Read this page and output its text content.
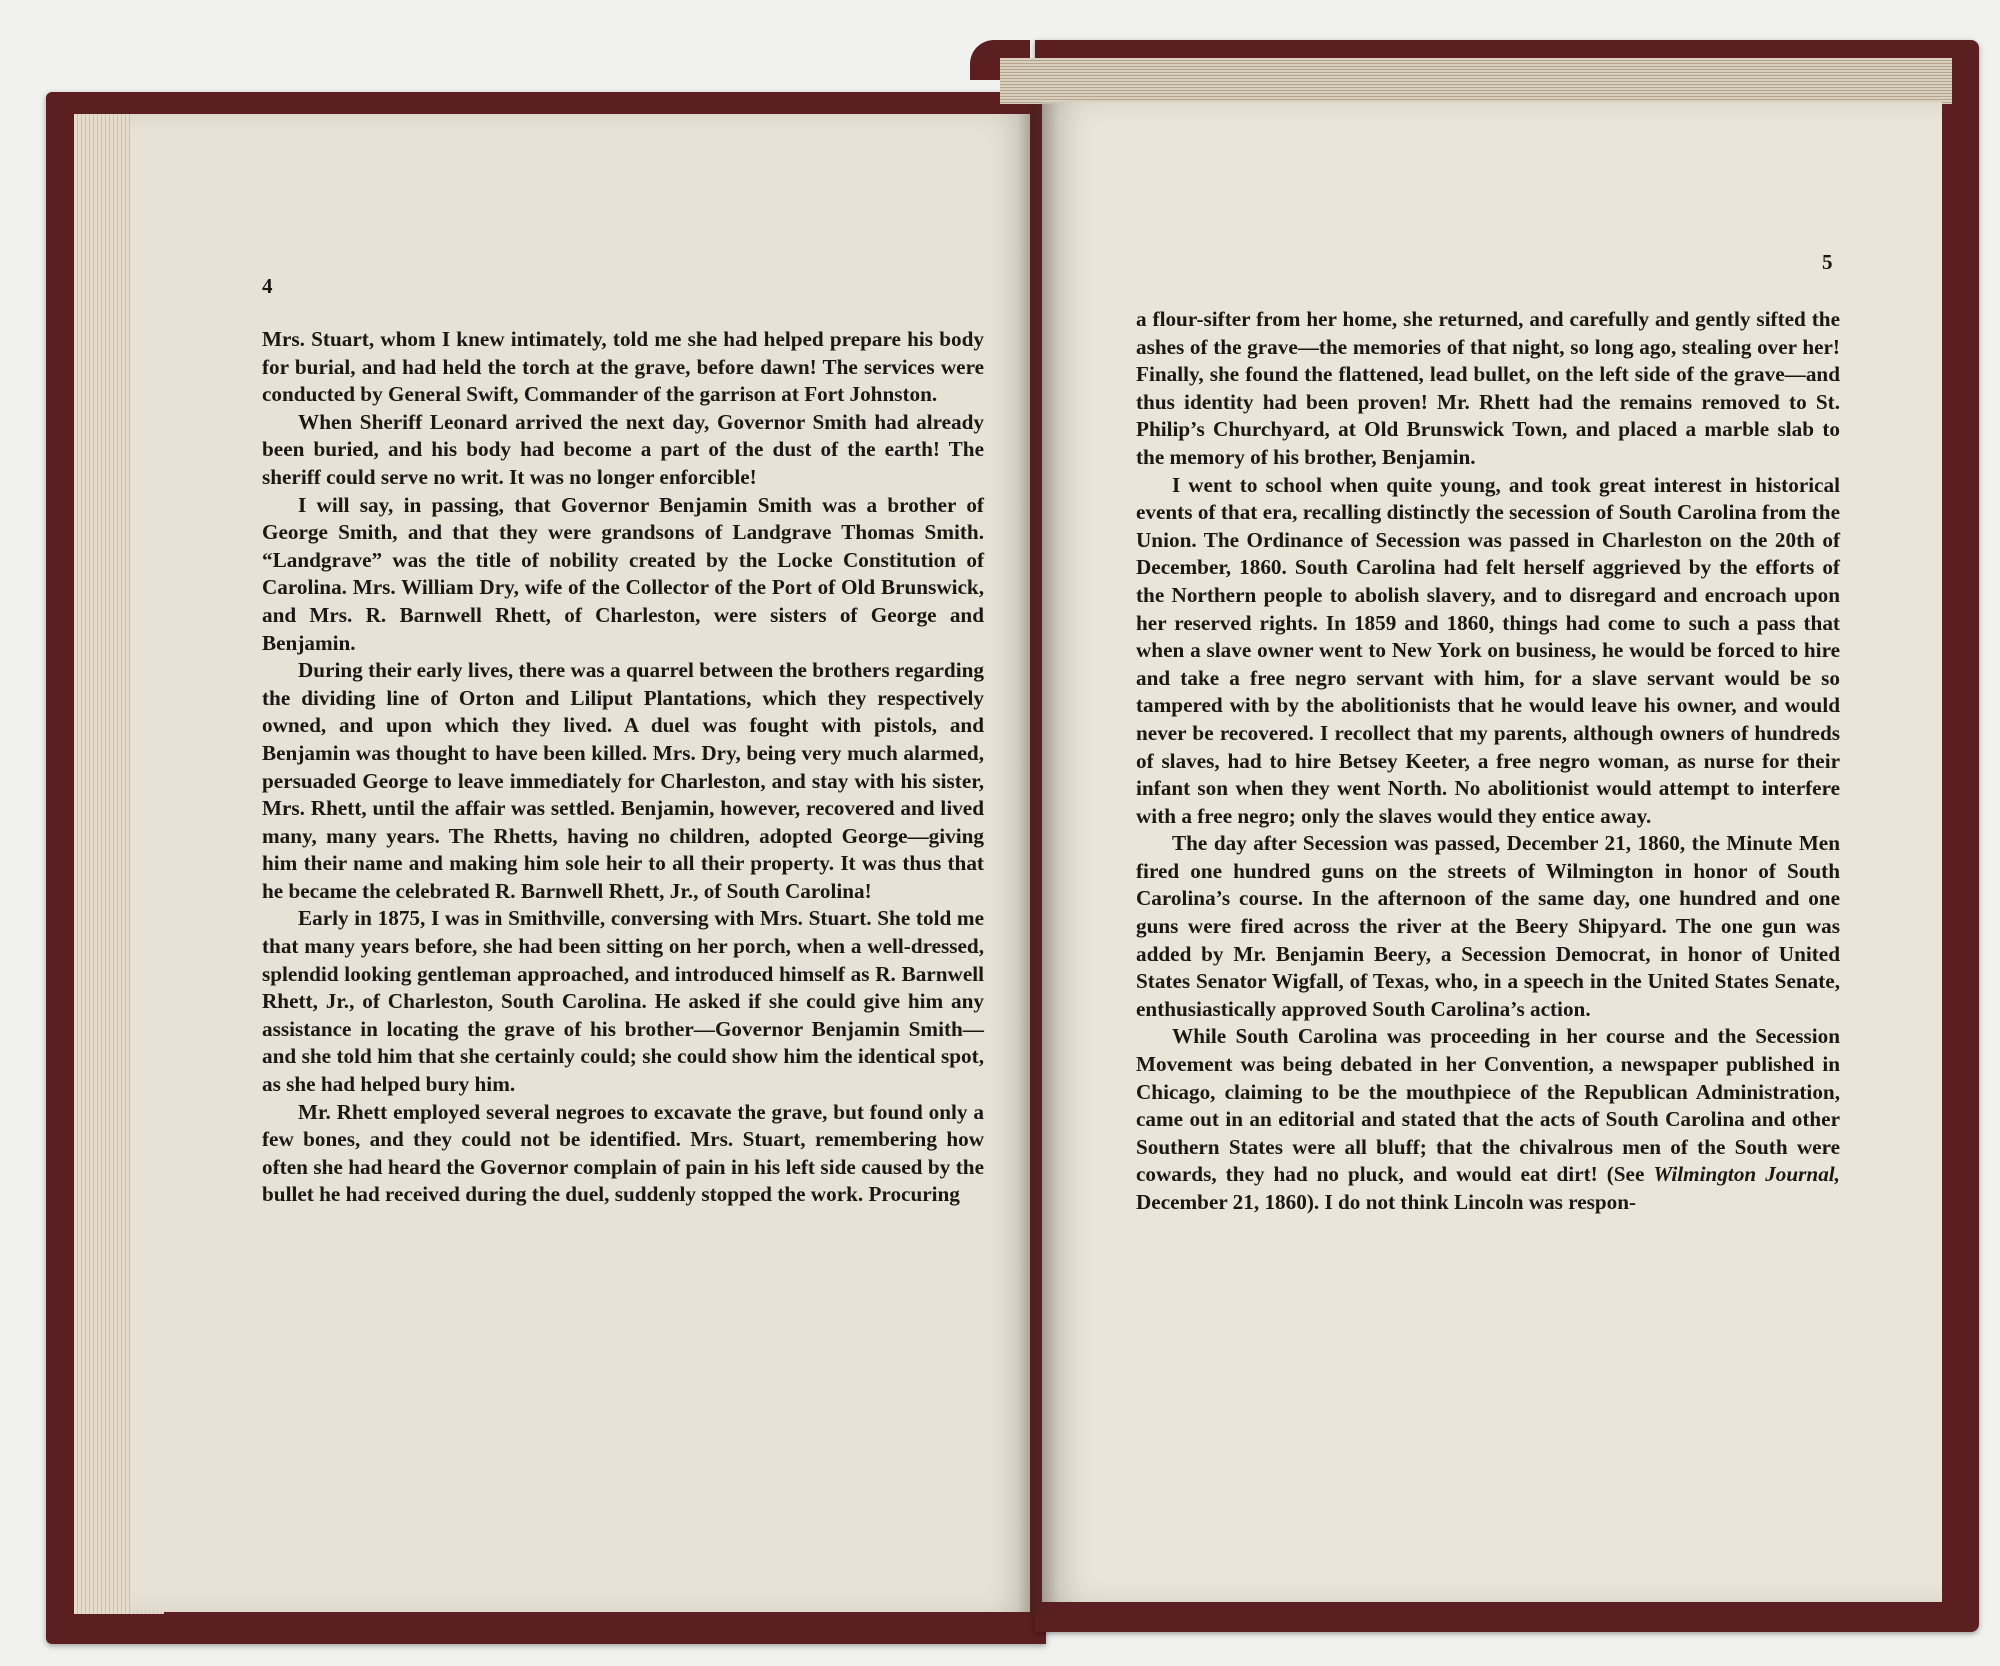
4
5

Mrs. Stuart, whom I knew intimately, told me she had helped prepare his body for burial, and had held the torch at the grave, before dawn! The services were conducted by General Swift, Commander of the garrison at Fort Johnston.

When Sheriff Leonard arrived the next day, Governor Smith had already been buried, and his body had become a part of the dust of the earth! The sheriff could serve no writ. It was no longer enforcible!

I will say, in passing, that Governor Benjamin Smith was a brother of George Smith, and that they were grandsons of Landgrave Thomas Smith. “Landgrave” was the title of nobility created by the Locke Constitution of Carolina. Mrs. William Dry, wife of the Collector of the Port of Old Brunswick, and Mrs. R. Barnwell Rhett, of Charleston, were sisters of George and Benjamin.

During their early lives, there was a quarrel between the brothers regarding the dividing line of Orton and Liliput Plantations, which they respectively owned, and upon which they lived. A duel was fought with pistols, and Benjamin was thought to have been killed. Mrs. Dry, being very much alarmed, persuaded George to leave immediately for Charleston, and stay with his sister, Mrs. Rhett, until the affair was settled. Benjamin, however, recovered and lived many, many years. The Rhetts, having no children, adopted George—giving him their name and making him sole heir to all their property. It was thus that he became the celebrated R. Barnwell Rhett, Jr., of South Carolina!

Early in 1875, I was in Smithville, conversing with Mrs. Stuart. She told me that many years before, she had been sitting on her porch, when a well-dressed, splendid looking gentleman approached, and introduced himself as R. Barnwell Rhett, Jr., of Charleston, South Carolina. He asked if she could give him any assistance in locating the grave of his brother—Governor Benjamin Smith—and she told him that she certainly could; she could show him the identical spot, as she had helped bury him.

Mr. Rhett employed several negroes to excavate the grave, but found only a few bones, and they could not be identified. Mrs. Stuart, remembering how often she had heard the Governor complain of pain in his left side caused by the bullet he had received during the duel, suddenly stopped the work. Procuring

a flour-sifter from her home, she returned, and carefully and gently sifted the ashes of the grave—the memories of that night, so long ago, stealing over her! Finally, she found the flattened, lead bullet, on the left side of the grave—and thus identity had been proven! Mr. Rhett had the remains removed to St. Philip’s Churchyard, at Old Brunswick Town, and placed a marble slab to the memory of his brother, Benjamin.

I went to school when quite young, and took great interest in historical events of that era, recalling distinctly the secession of South Carolina from the Union. The Ordinance of Secession was passed in Charleston on the 20th of December, 1860. South Carolina had felt herself aggrieved by the efforts of the Northern people to abolish slavery, and to disregard and encroach upon her reserved rights. In 1859 and 1860, things had come to such a pass that when a slave owner went to New York on business, he would be forced to hire and take a free negro servant with him, for a slave servant would be so tampered with by the abolitionists that he would leave his owner, and would never be recovered. I recollect that my parents, although owners of hundreds of slaves, had to hire Betsey Keeter, a free negro woman, as nurse for their infant son when they went North. No abolitionist would attempt to interfere with a free negro; only the slaves would they entice away.

The day after Secession was passed, December 21, 1860, the Minute Men fired one hundred guns on the streets of Wilmington in honor of South Carolina’s course. In the afternoon of the same day, one hundred and one guns were fired across the river at the Beery Shipyard. The one gun was added by Mr. Benjamin Beery, a Secession Democrat, in honor of United States Senator Wigfall, of Texas, who, in a speech in the United States Senate, enthusiastically approved South Carolina’s action.

While South Carolina was proceeding in her course and the Secession Movement was being debated in her Convention, a newspaper published in Chicago, claiming to be the mouthpiece of the Republican Administration, came out in an editorial and stated that the acts of South Carolina and other Southern States were all bluff; that the chivalrous men of the South were cowards, they had no pluck, and would eat dirt! (See Wilmington Journal, December 21, 1860). I do not think Lincoln was respon-
